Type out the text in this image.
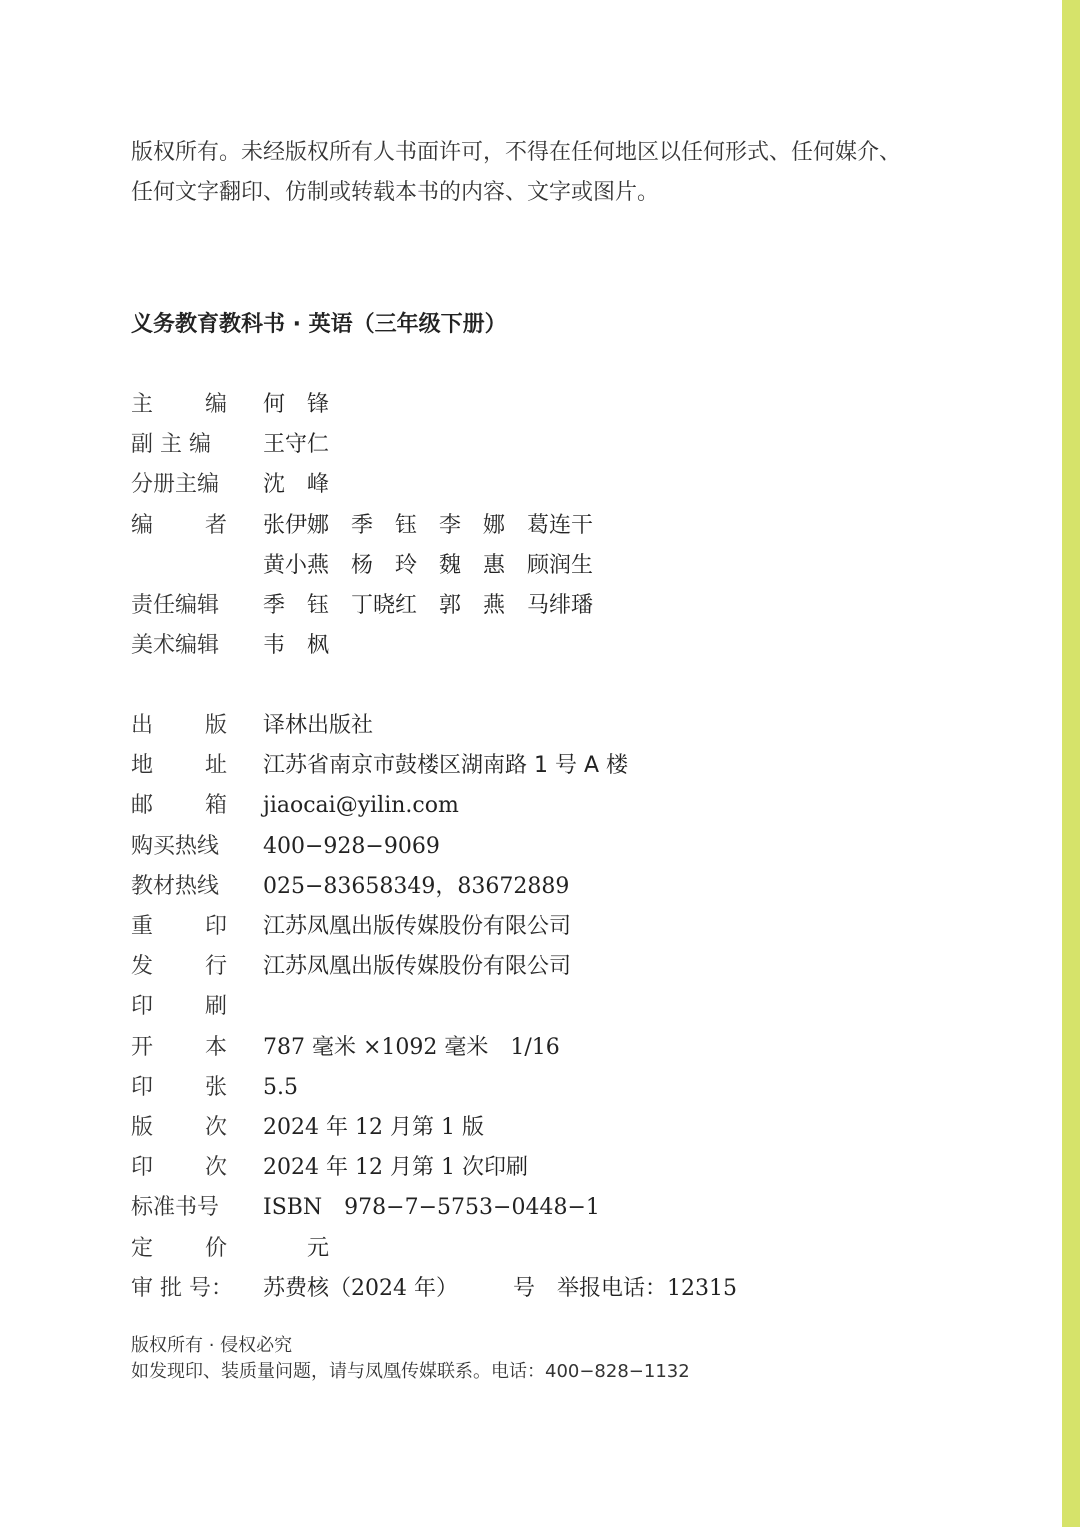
版权所有。未经版权所有人书面许可，不得在任何地区以任何形式、任何媒介、

任何文字翻印、仿制或转载本书的内容、文字或图片。

义务教育教科书 · 英语（三年级下册）
主 编 何　锋
副 主 编	王守仁
分册主编	沈　峰
编 者 张伊娜　季　钰　李　娜　葛连干
黄小燕　杨　玲　魏　惠　顾润生
责任编辑	季　钰　丁晓红　郭　燕　马绯璠
美术编辑	韦　枫
出 版 译林出版社
地 址 江苏省南京市鼓楼区湖南路 1 号 A 楼
邮 箱 jiaocai@yilin.com
购买热线	400−928−9069
教材热线	025−83658349，83672889
重 印 江苏凤凰出版传媒股份有限公司
发 行 江苏凤凰出版传媒股份有限公司
印 刷
开 本 787 毫米 ×1092 毫米　1/16
印 张 5.5
版 次 2024 年 12 月第 1 版
印 次 2024 年 12 月第 1 次印刷
标准书号	ISBN　978−7−5753−0448−1
定 价 　　元
审 批 号： 苏费核（2024 年）　　　号　举报电话：12315

版权所有 · 侵权必究

如发现印、装质量问题，请与凤凰传媒联系。电话：400−828−1132
